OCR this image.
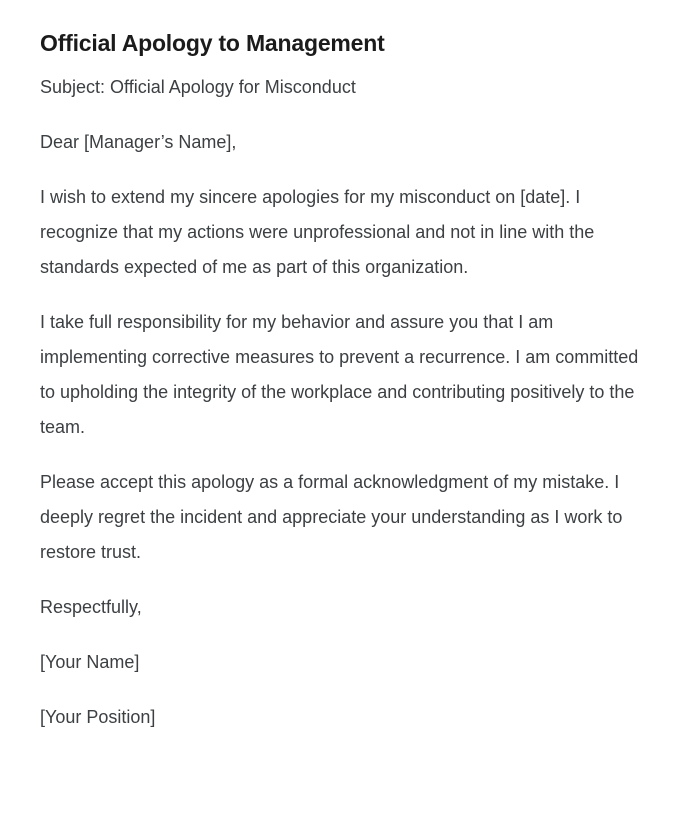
Official Apology to Management

Subject: Official Apology for Misconduct

Dear [Manager’s Name],

I wish to extend my sincere apologies for my misconduct on [date]. I recognize that my actions were unprofessional and not in line with the standards expected of me as part of this organization.

I take full responsibility for my behavior and assure you that I am implementing corrective measures to prevent a recurrence. I am committed to upholding the integrity of the workplace and contributing positively to the team.

Please accept this apology as a formal acknowledgment of my mistake. I deeply regret the incident and appreciate your understanding as I work to restore trust.

Respectfully,

[Your Name]

[Your Position]
